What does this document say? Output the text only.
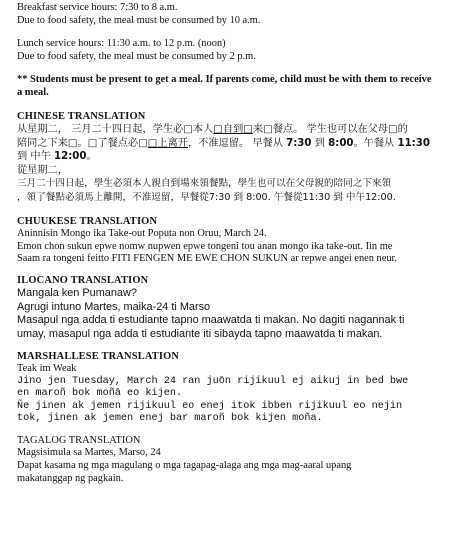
Breakfast service hours: 7:30 to 8 a.m.
Due to food safety, the meal must be consumed by 10 a.m.
Lunch service hours: 11:30 a.m. to 12 p.m. (noon)
Due to food safety, the meal must be consumed by 2 p.m.
** Students must be present to get a meal. If parents come, child must be with them to receive a meal.
CHINESE TRANSLATION
从星期二， 三月二十四日起，学生必□本人□自到□来□餐点。 学生也可以在父母□的
陪同之下来□。□了餐点必□□上离开，不准逗留。 早餐从 7:30 到 8:00。午餐从 11:30
到 中午 12:00。
從星期二，
三月二十四日起，學生必須本人親自到場來領餐點，學生也可以在父母親的陪同之下來領
，領了餐點必須馬上離開，不准逗留，早餐從7:30 到 8:00. 午餐從11:30 到 中午12:00.
CHUUKESE TRANSLATION
Aninnisin Mongo ika Take-out Poputa non Oruu, March 24.
Emon chon sukun epwe nomw nupwen epwe tongeni tou anan mongo ika take-out. Iin me
Saam ra tongeni feitto FITI FENGEN ME EWE CHON SUKUN ar repwe angei enen neur.
ILOCANO TRANSLATION
Mangala ken Pumanaw?
Agrugi intuno Martes, maika-24 ti Marso
Masapul nga adda ti estudiante tapno maawatda ti makan. No dagiti nagannak ti
umay, masapul nga adda ti estudiante iti sibayda tapno maawatda ti makan.
MARSHALLESE TRANSLATION
Teak im Weak
Jino jen Tuesday, March 24 ran juōn rijikuul ej aikuj in bed bwe
en maroñ bok moñā eo kijen.
Ñe jinen ak jemen rijikuul eo enej itok ibben rijikuul eo nejin
tok, jinen ak jemen enej bar maroñ bok kijen moña.
TAGALOG TRANSLATION
Magsisimula sa Martes, Marso, 24
Dapat kasama ng mga magulang o mga tagapag-alaga ang mga mag-aaral upang
makatanggap ng pagkain.
